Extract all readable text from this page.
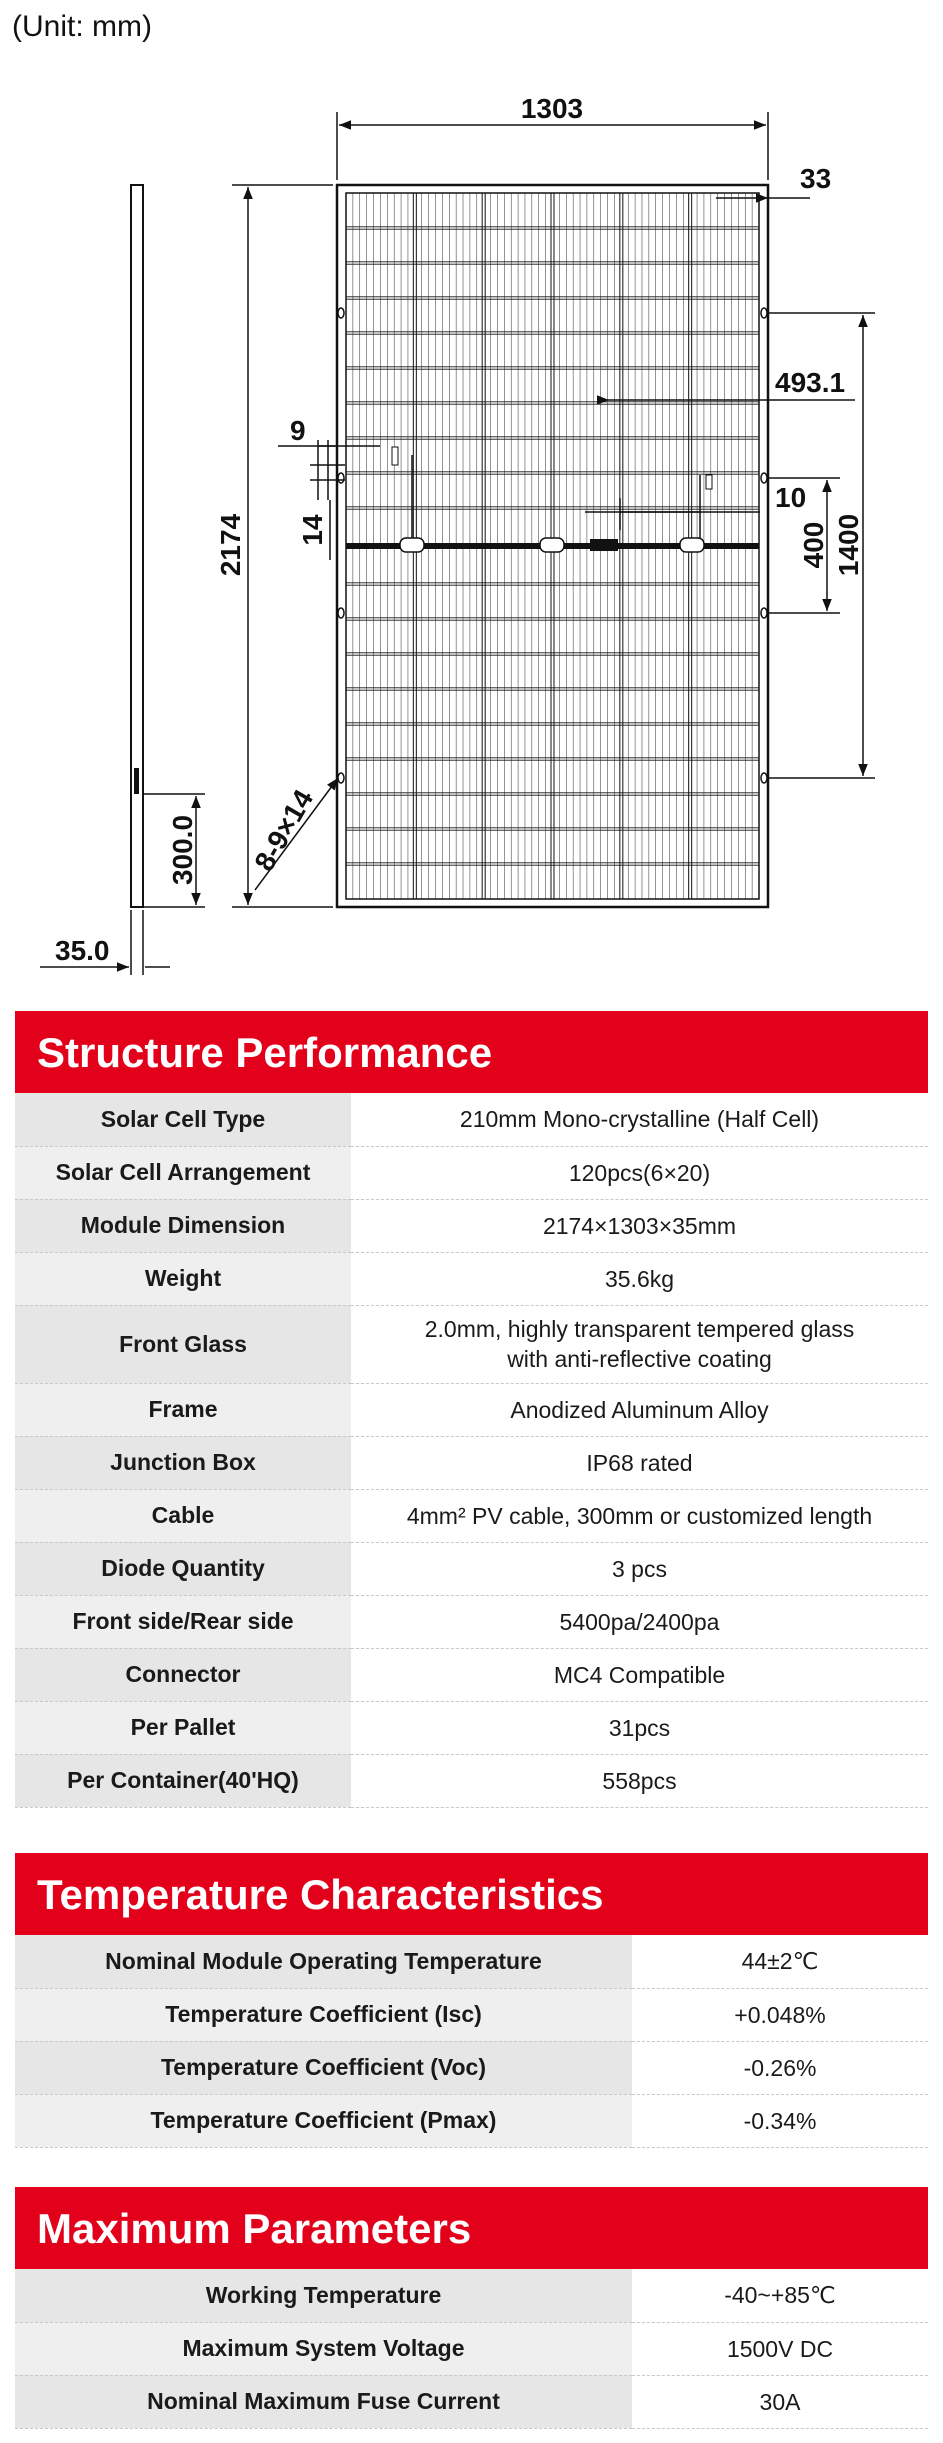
(Unit: mm)
1303
2174
33
493.1
9
14
10
400 1400
300.0
35.0
8-9×14
Structure Performance
Solar Cell Type	210mm Mono-crystalline (Half Cell)
Solar Cell Arrangement	120pcs(6×20)
Module Dimension	2174×1303×35mm
Weight	35.6kg
Front Glass	2.0mm, highly transparent tempered glass
with anti-reflective coating

Frame	Anodized Aluminum Alloy
Junction Box	IP68 rated
Cable	4mm² PV cable, 300mm or customized length
Diode Quantity	3 pcs
Front side/Rear side	5400pa/2400pa
Connector	MC4 Compatible
Per Pallet	31pcs
Per Container(40'HQ)	558pcs
Temperature Characteristics
Nominal Module Operating Temperature	44±2℃
Temperature Coefficient (Isc)	+0.048%
Temperature Coefficient (Voc)	-0.26%
Temperature Coefficient (Pmax)	-0.34%
Maximum Parameters
Working Temperature	-40~+85℃
Maximum System Voltage	1500V DC
Nominal Maximum Fuse Current	30A
